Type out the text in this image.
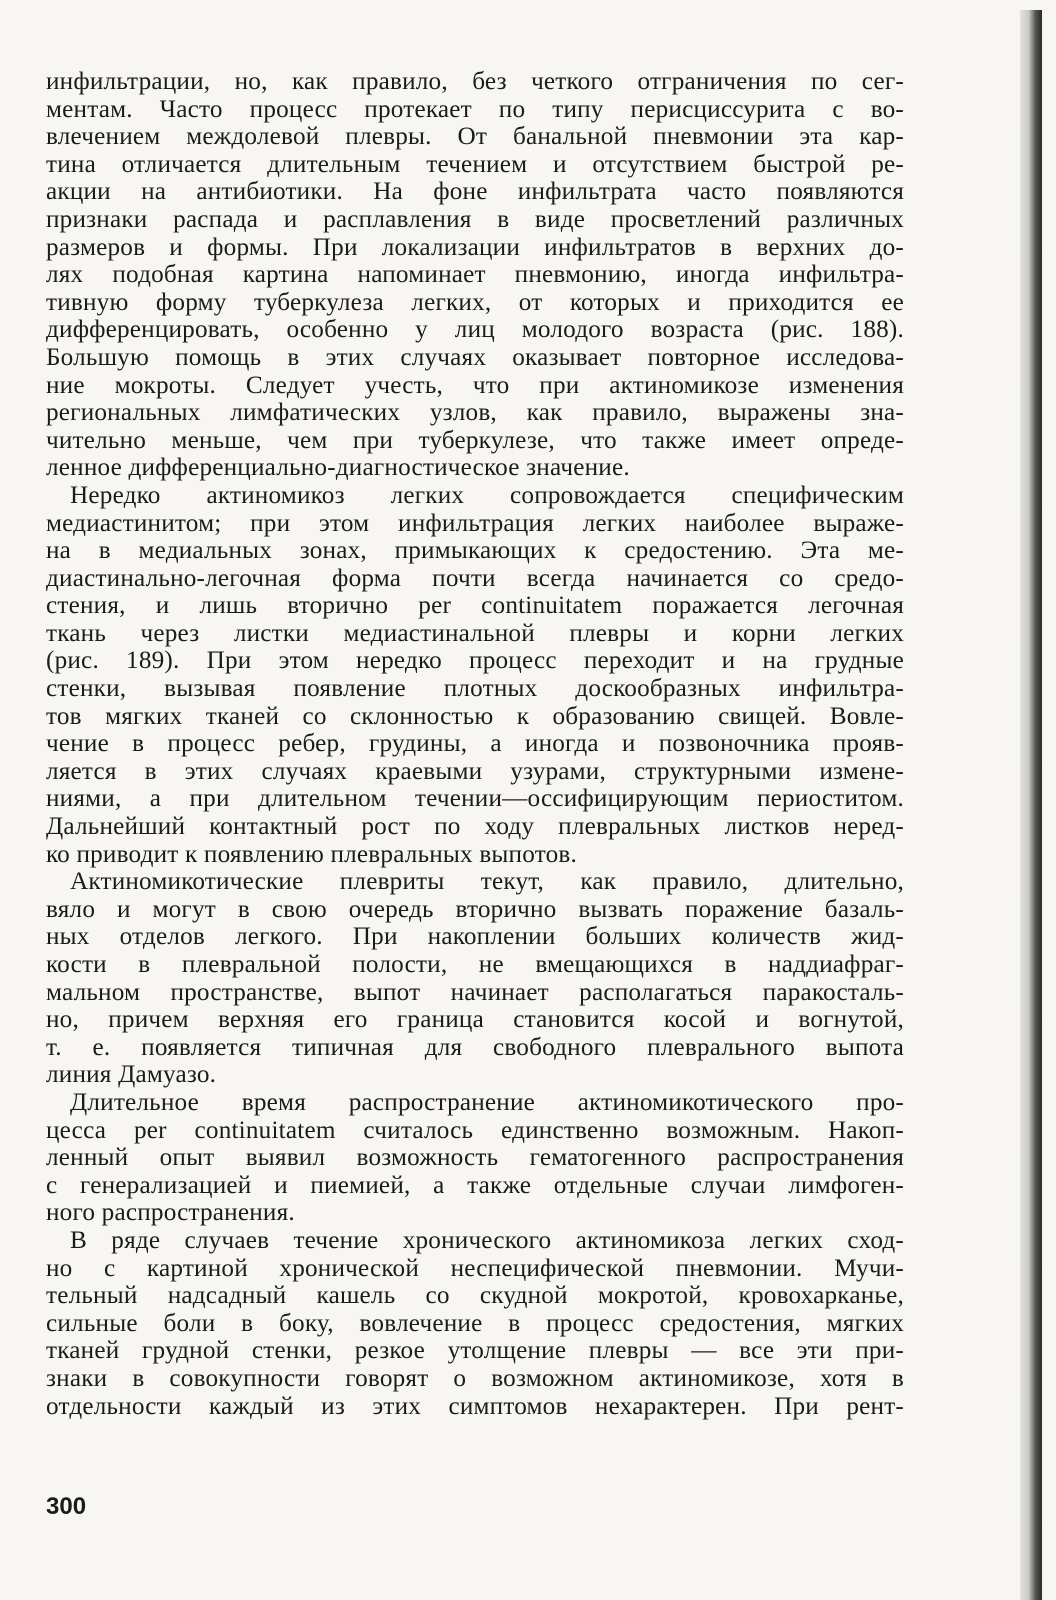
инфильтрации, но, как правило, без четкого отграничения по сег-
ментам. Часто процесс протекает по типу перисциссурита с во-
влечением междолевой плевры. От банальной пневмонии эта кар-
тина отличается длительным течением и отсутствием быстрой ре-
акции на антибиотики. На фоне инфильтрата часто появляются
признаки распада и расплавления в виде просветлений различных
размеров и формы. При локализации инфильтратов в верхних до-
лях подобная картина напоминает пневмонию, иногда инфильтра-
тивную форму туберкулеза легких, от которых и приходится ее
дифференцировать, особенно у лиц молодого возраста (рис. 188).
Большую помощь в этих случаях оказывает повторное исследова-
ние мокроты. Следует учесть, что при актиномикозе изменения
региональных лимфатических узлов, как правило, выражены зна-
чительно меньше, чем при туберкулезе, что также имеет опреде-
ленное дифференциально-диагностическое значение.
Нередко актиномикоз легких сопровождается специфическим
медиастинитом; при этом инфильтрация легких наиболее выраже-
на в медиальных зонах, примыкающих к средостению. Эта ме-
диастинально-легочная форма почти всегда начинается со средо-
стения, и лишь вторично per continuitatem поражается легочная
ткань через листки медиастинальной плевры и корни легких
(рис. 189). При этом нередко процесс переходит и на грудные
стенки, вызывая появление плотных доскообразных инфильтра-
тов мягких тканей со склонностью к образованию свищей. Вовле-
чение в процесс ребер, грудины, а иногда и позвоночника прояв-
ляется в этих случаях краевыми узурами, структурными измене-
ниями, а при длительном течении—оссифицирующим периоститом.
Дальнейший контактный рост по ходу плевральных листков неред-
ко приводит к появлению плевральных выпотов.
Актиномикотические плевриты текут, как правило, длительно,
вяло и могут в свою очередь вторично вызвать поражение базаль-
ных отделов легкого. При накоплении больших количеств жид-
кости в плевральной полости, не вмещающихся в наддиафраг-
мальном пространстве, выпот начинает располагаться паракосталь-
но, причем верхняя его граница становится косой и вогнутой,
т. е. появляется типичная для свободного плеврального выпота
линия Дамуазо.
Длительное время распространение актиномикотического про-
цесса per continuitatem считалось единственно возможным. Накоп-
ленный опыт выявил возможность гематогенного распространения
с генерализацией и пиемией, а также отдельные случаи лимфоген-
ного распространения.
В ряде случаев течение хронического актиномикоза легких сход-
но с картиной хронической неспецифической пневмонии. Мучи-
тельный надсадный кашель со скудной мокротой, кровохарканье,
сильные боли в боку, вовлечение в процесс средостения, мягких
тканей грудной стенки, резкое утолщение плевры — все эти при-
знаки в совокупности говорят о возможном актиномикозе, хотя в
отдельности каждый из этих симптомов нехарактерен. При рент-
300
